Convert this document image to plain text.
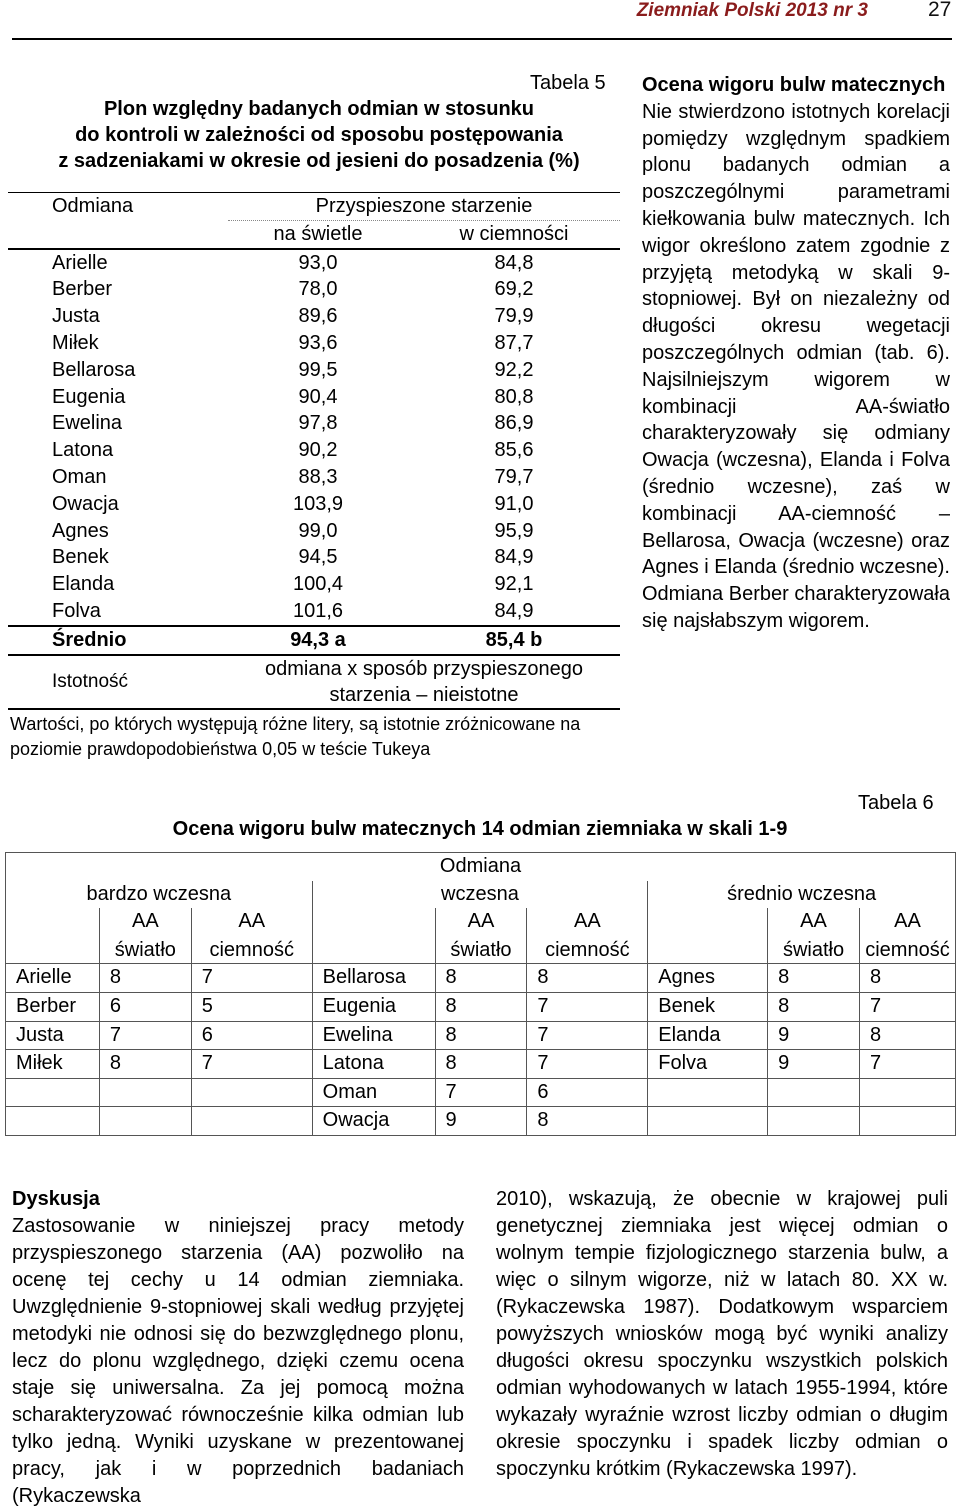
Ziemniak Polski 2013 nr 3	27
Tabela 5
Plon względny badanych odmian w stosunku
do kontroli w zależności od sposobu postępowania
z sadzeniakami w okresie od jesieni do posadzenia (%)
Odmiana	Przyspieszone starzenie	
	na świetle	w ciemności
Arielle	93,0	84,8
Berber	78,0	69,2
Justa	89,6	79,9
Miłek	93,6	87,7
Bellarosa	99,5	92,2
Eugenia	90,4	80,8
Ewelina	97,8	86,9
Latona	90,2	85,6
Oman	88,3	79,7
Owacja	103,9	91,0
Agnes	99,0	95,9
Benek	94,5	84,9
Elanda	100,4	92,1
Folva	101,6	84,9
Średnio	94,3 a	85,4 b
Istotność	odmiana x sposób przyspieszonego
starzenia – nieistotne	
Wartości, po których występują różne litery, są istotnie zróżnicowane na poziomie prawdopodobieństwa 0,05 w teście Tukeya
Ocena wigoru bulw matecznych
Nie stwierdzono istotnych korelacji pomiędzy względnym spadkiem plonu badanych odmian a poszczególnymi parametrami kiełkowania bulw matecznych. Ich wigor określono zatem zgodnie z przyjętą metodyką w skali 9-stopniowej. Był on niezależny od długości okresu wegetacji poszczególnych odmian (tab. 6). Najsilniejszym wigorem w kombinacji AA-światło charakteryzowały się odmiany Owacja (wczesna), Elanda i Folva (średnio wczesne), zaś w kombinacji AA-ciemność – Bellarosa, Owacja (wczesne) oraz Agnes i Elanda (średnio wczesne). Odmiana Berber charakteryzowała się najsłabszym wigorem.
Tabela 6
Ocena wigoru bulw matecznych 14 odmian ziemniaka w skali 1-9
Odmiana								
bardzo wczesna			wczesna			średnio wczesna		
	AA	AA		AA	AA		AA	AA
	światło	ciemność		światło	ciemność		światło	ciemność
Arielle	8	7	Bellarosa	8	8	Agnes	8	8
Berber	6	5	Eugenia	8	7	Benek	8	7
Justa	7	6	Ewelina	8	7	Elanda	9	8
Miłek	8	7	Latona	8	7	Folva	9	7
			Oman	7	6			
			Owacja	9	8			
Dyskusja
Zastosowanie w niniejszej pracy metody przyspieszonego starzenia (AA) pozwoliło na ocenę tej cechy u 14 odmian ziemniaka. Uwzględnienie 9-stopniowej skali według przyjętej metodyki nie odnosi się do bezwzględnego plonu, lecz do plonu względnego, dzięki czemu ocena staje się uniwersalna. Za jej pomocą można scharakteryzować równocześnie kilka odmian lub tylko jedną. Wyniki uzyskane w prezentowanej pracy, jak i w poprzednich badaniach (Rykaczewska
2010), wskazują, że obecnie w krajowej puli genetycznej ziemniaka jest więcej odmian o wolnym tempie fizjologicznego starzenia bulw, a więc o silnym wigorze, niż w latach 80. XX w. (Rykaczewska 1987). Dodatkowym wsparciem powyższych wniosków mogą być wyniki analizy długości okresu spoczynku wszystkich polskich odmian wyhodowanych w latach 1955-1994, które wykazały wyraźnie wzrost liczby odmian o długim okresie spoczynku i spadek liczby odmian o spoczynku krótkim (Rykaczewska 1997).
